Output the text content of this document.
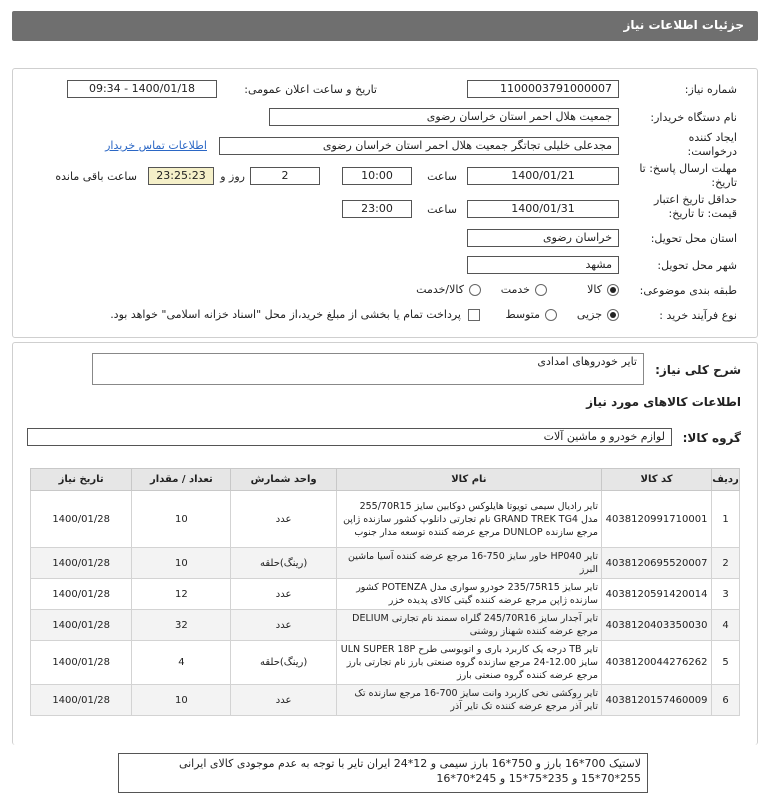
جزئیات اطلاعات نیاز
شماره نیاز:
1100003791000007
تاریخ و ساعت اعلان عمومی:
1400/01/18 - 09:34
نام دستگاه خریدار:
جمعیت هلال احمر استان خراسان رضوی
ایجاد کننده درخواست:
مجدعلی خلیلی تجاتگر جمعیت هلال احمر استان خراسان رضوی
اطلاعات تماس خریدار
مهلت ارسال پاسخ: تا تاریخ:
1400/01/21
ساعت
10:00
2
روز و
23:25:23
ساعت باقی مانده
حداقل تاریخ اعتبار قیمت: تا تاریخ:
1400/01/31
ساعت
23:00
استان محل تحویل:
خراسان رضوی
شهر محل تحویل:
مشهد
طبقه بندی موضوعی:
کالا
خدمت
کالا/خدمت
نوع فرآیند خرید :
جزیی
متوسط
پرداخت تمام یا بخشی از مبلغ خرید،از محل "اسناد خزانه اسلامی" خواهد بود.
شرح کلی نیاز:
تایر خودروهای امدادی
اطلاعات کالاهای مورد نیاز
گروه کالا:
لوازم خودرو و ماشین آلات
ردیف	کد کالا	نام کالا	واحد شمارش	تعداد / مقدار	تاریخ نیاز
1	4038120991710001	تایر رادیال سیمی تویوتا هایلوکس دوکابین سایز 255/70R15 مدل GRAND TREK TG4 نام تجارتی دانلوپ کشور سازنده ژاپن مرجع سازنده DUNLOP مرجع عرضه کننده توسعه مدار جنوب	عدد	10	1400/01/28
2	4038120695520007	تایر HP040 خاور سایز 750-16 مرجع عرضه کننده آسیا ماشین البرز	(رینگ)حلقه	10	1400/01/28
3	4038120591420014	تایر سایز 235/75R15 خودرو سواری مدل POTENZA کشور سازنده ژاپن مرجع عرضه کننده گیتی کالای پدیده خزر	عدد	12	1400/01/28
4	4038120403350030	تایر آجدار سایز 245/70R16 گلراه سمند نام تجارتی DELIUM مرجع عرضه کننده شهناز روشنی	عدد	32	1400/01/28
5	4038120044276262	تایر TB درجه یک کاربرد باری و اتوبوسی طرح ULN SUPER 18P سایز 12.00-24 مرجع سازنده گروه صنعتی بارز نام تجارتی بارز مرجع عرضه کننده گروه صنعتی بارز	(رینگ)حلقه	4	1400/01/28
6	4038120157460009	تایر روکشی نخی کاربرد وانت سایز 700-16 مرجع سازنده تک تایر آذر مرجع عرضه کننده تک تایر آذر	عدد	10	1400/01/28
لاستیک 700*16 بارز و 750*16 بارز سیمی و 12*24 ایران تایر با توجه به عدم موجودی کالای ایرانی 255*70*15 و 235*75*15 و 245*70*16
